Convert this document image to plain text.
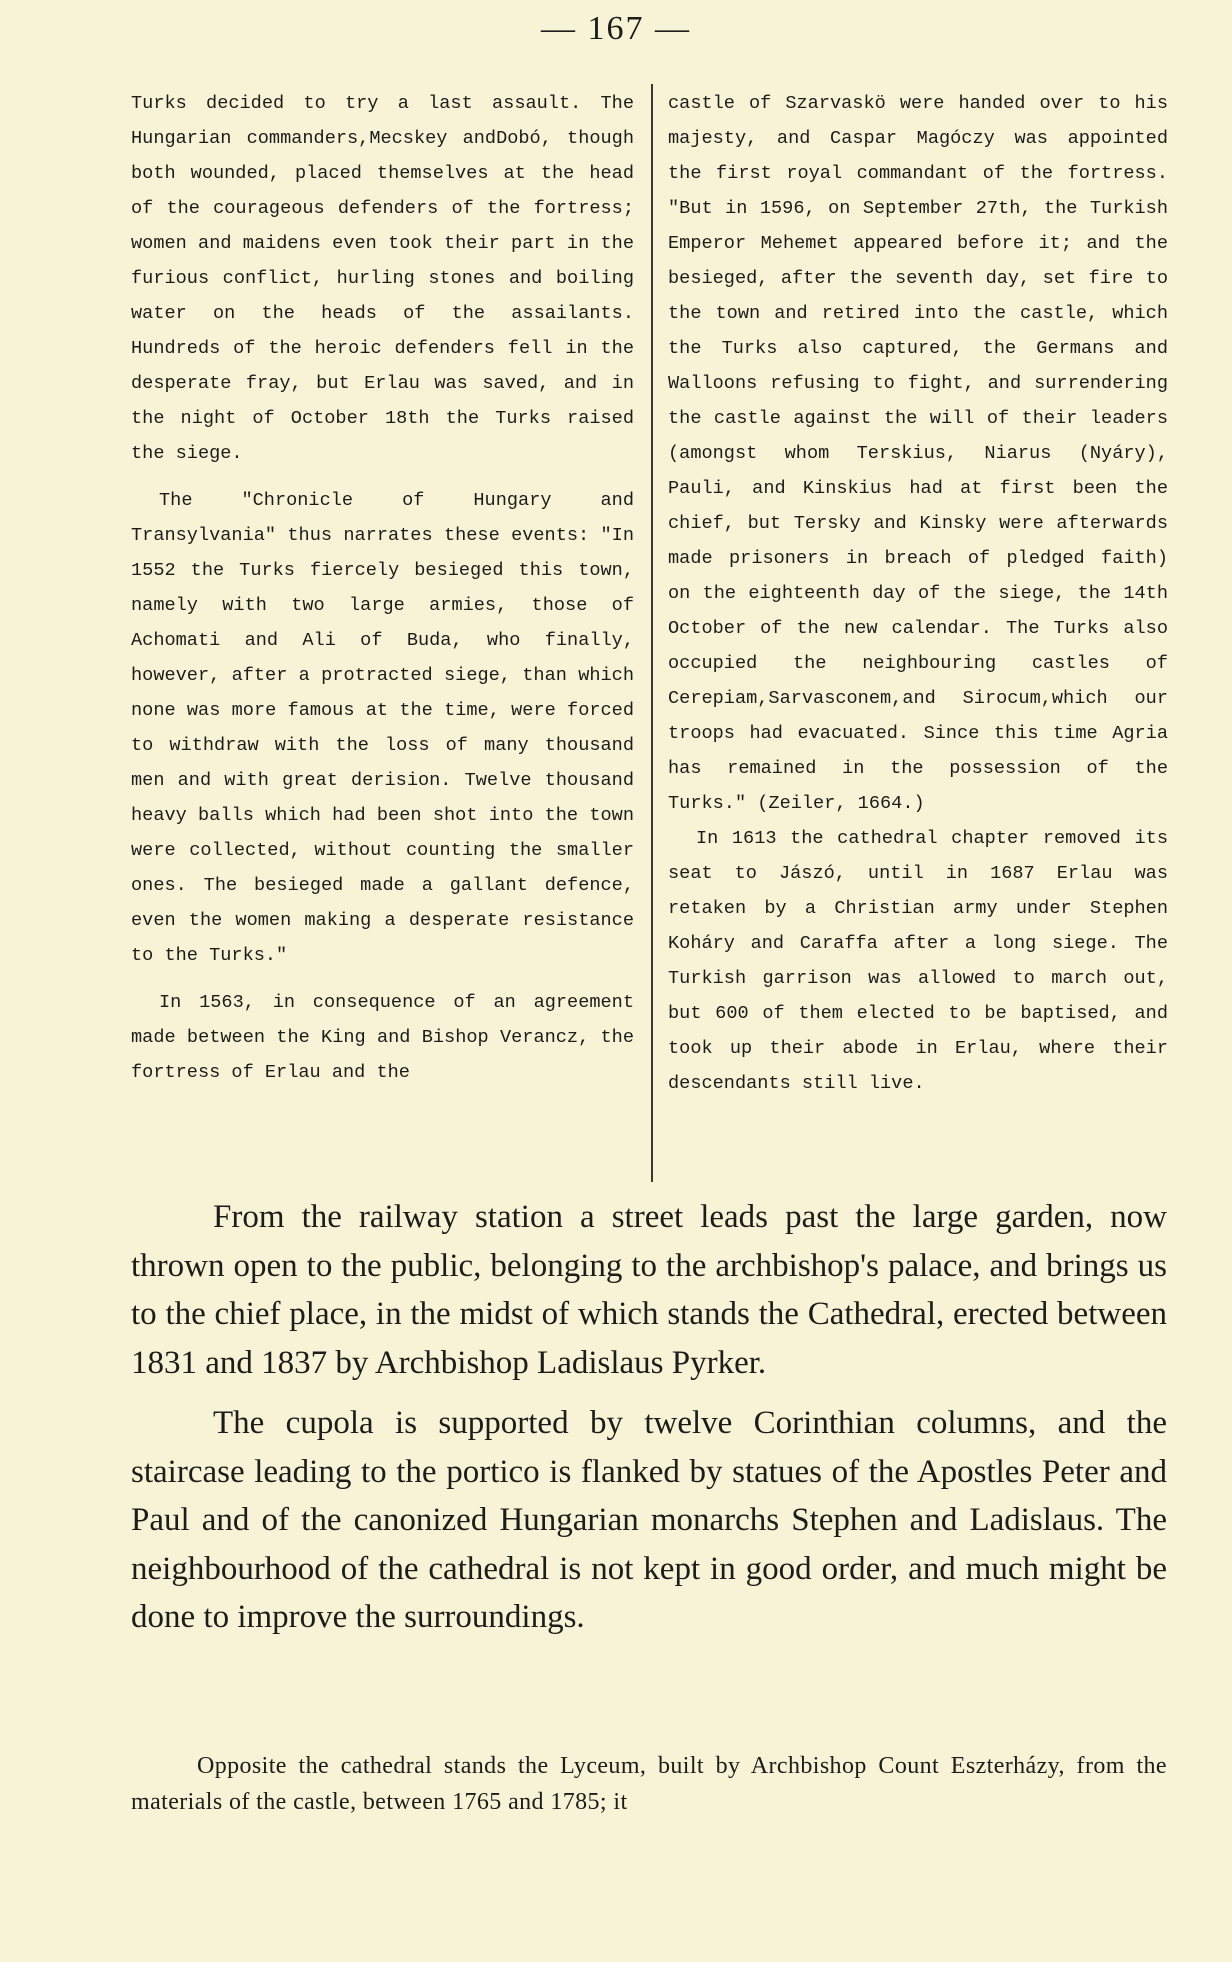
— 167 —

Turks decided to try a last assault. The Hungarian commanders,Mecskey andDobó, though both wounded, placed themselves at the head of the courageous defenders of the fortress; women and maidens even took their part in the furious conflict, hurling stones and boiling water on the heads of the assailants. Hundreds of the heroic defenders fell in the desperate fray, but Erlau was saved, and in the night of October 18th the Turks raised the siege.

The "Chronicle of Hungary and Transylvania" thus narrates these events: "In 1552 the Turks fiercely besieged this town, namely with two large armies, those of Achomati and Ali of Buda, who finally, however, after a protracted siege, than which none was more famous at the time, were forced to withdraw with the loss of many thousand men and with great derision. Twelve thousand heavy balls which had been shot into the town were collected, without counting the smaller ones. The besieged made a gallant defence, even the women making a desperate resistance to the Turks."

In 1563, in consequence of an agreement made between the King and Bishop Verancz, the fortress of Erlau and the

castle of Szarvaskö were handed over to his majesty, and Caspar Magóczy was appointed the first royal commandant of the fortress. "But in 1596, on September 27th, the Turkish Emperor Mehemet appeared before it; and the besieged, after the seventh day, set fire to the town and retired into the castle, which the Turks also captured, the Germans and Walloons refusing to fight, and surrendering the castle against the will of their leaders (amongst whom Terskius, Niarus (Nyáry), Pauli, and Kinskius had at first been the chief, but Tersky and Kinsky were afterwards made prisoners in breach of pledged faith) on the eighteenth day of the siege, the 14th October of the new calendar. The Turks also occupied the neighbouring castles of Cerepiam,Sarvasconem,and Sirocum,which our troops had evacuated. Since this time Agria has remained in the possession of the Turks." (Zeiler, 1664.)

In 1613 the cathedral chapter removed its seat to Jászó, until in 1687 Erlau was retaken by a Christian army under Stephen Koháry and Caraffa after a long siege. The Turkish garrison was allowed to march out, but 600 of them elected to be baptised, and took up their abode in Erlau, where their descendants still live.

From the railway station a street leads past the large garden, now thrown open to the public, belonging to the archbishop's palace, and brings us to the chief place, in the midst of which stands the Cathedral, erected between 1831 and 1837 by Archbishop Ladislaus Pyrker.

The cupola is supported by twelve Corinthian columns, and the staircase leading to the portico is flanked by statues of the Apostles Peter and Paul and of the canonized Hungarian monarchs Stephen and Ladislaus. The neighbourhood of the cathedral is not kept in good order, and much might be done to improve the surroundings.

Opposite the cathedral stands the Lyceum, built by Archbishop Count Eszterházy, from the materials of the castle, between 1765 and 1785; it
